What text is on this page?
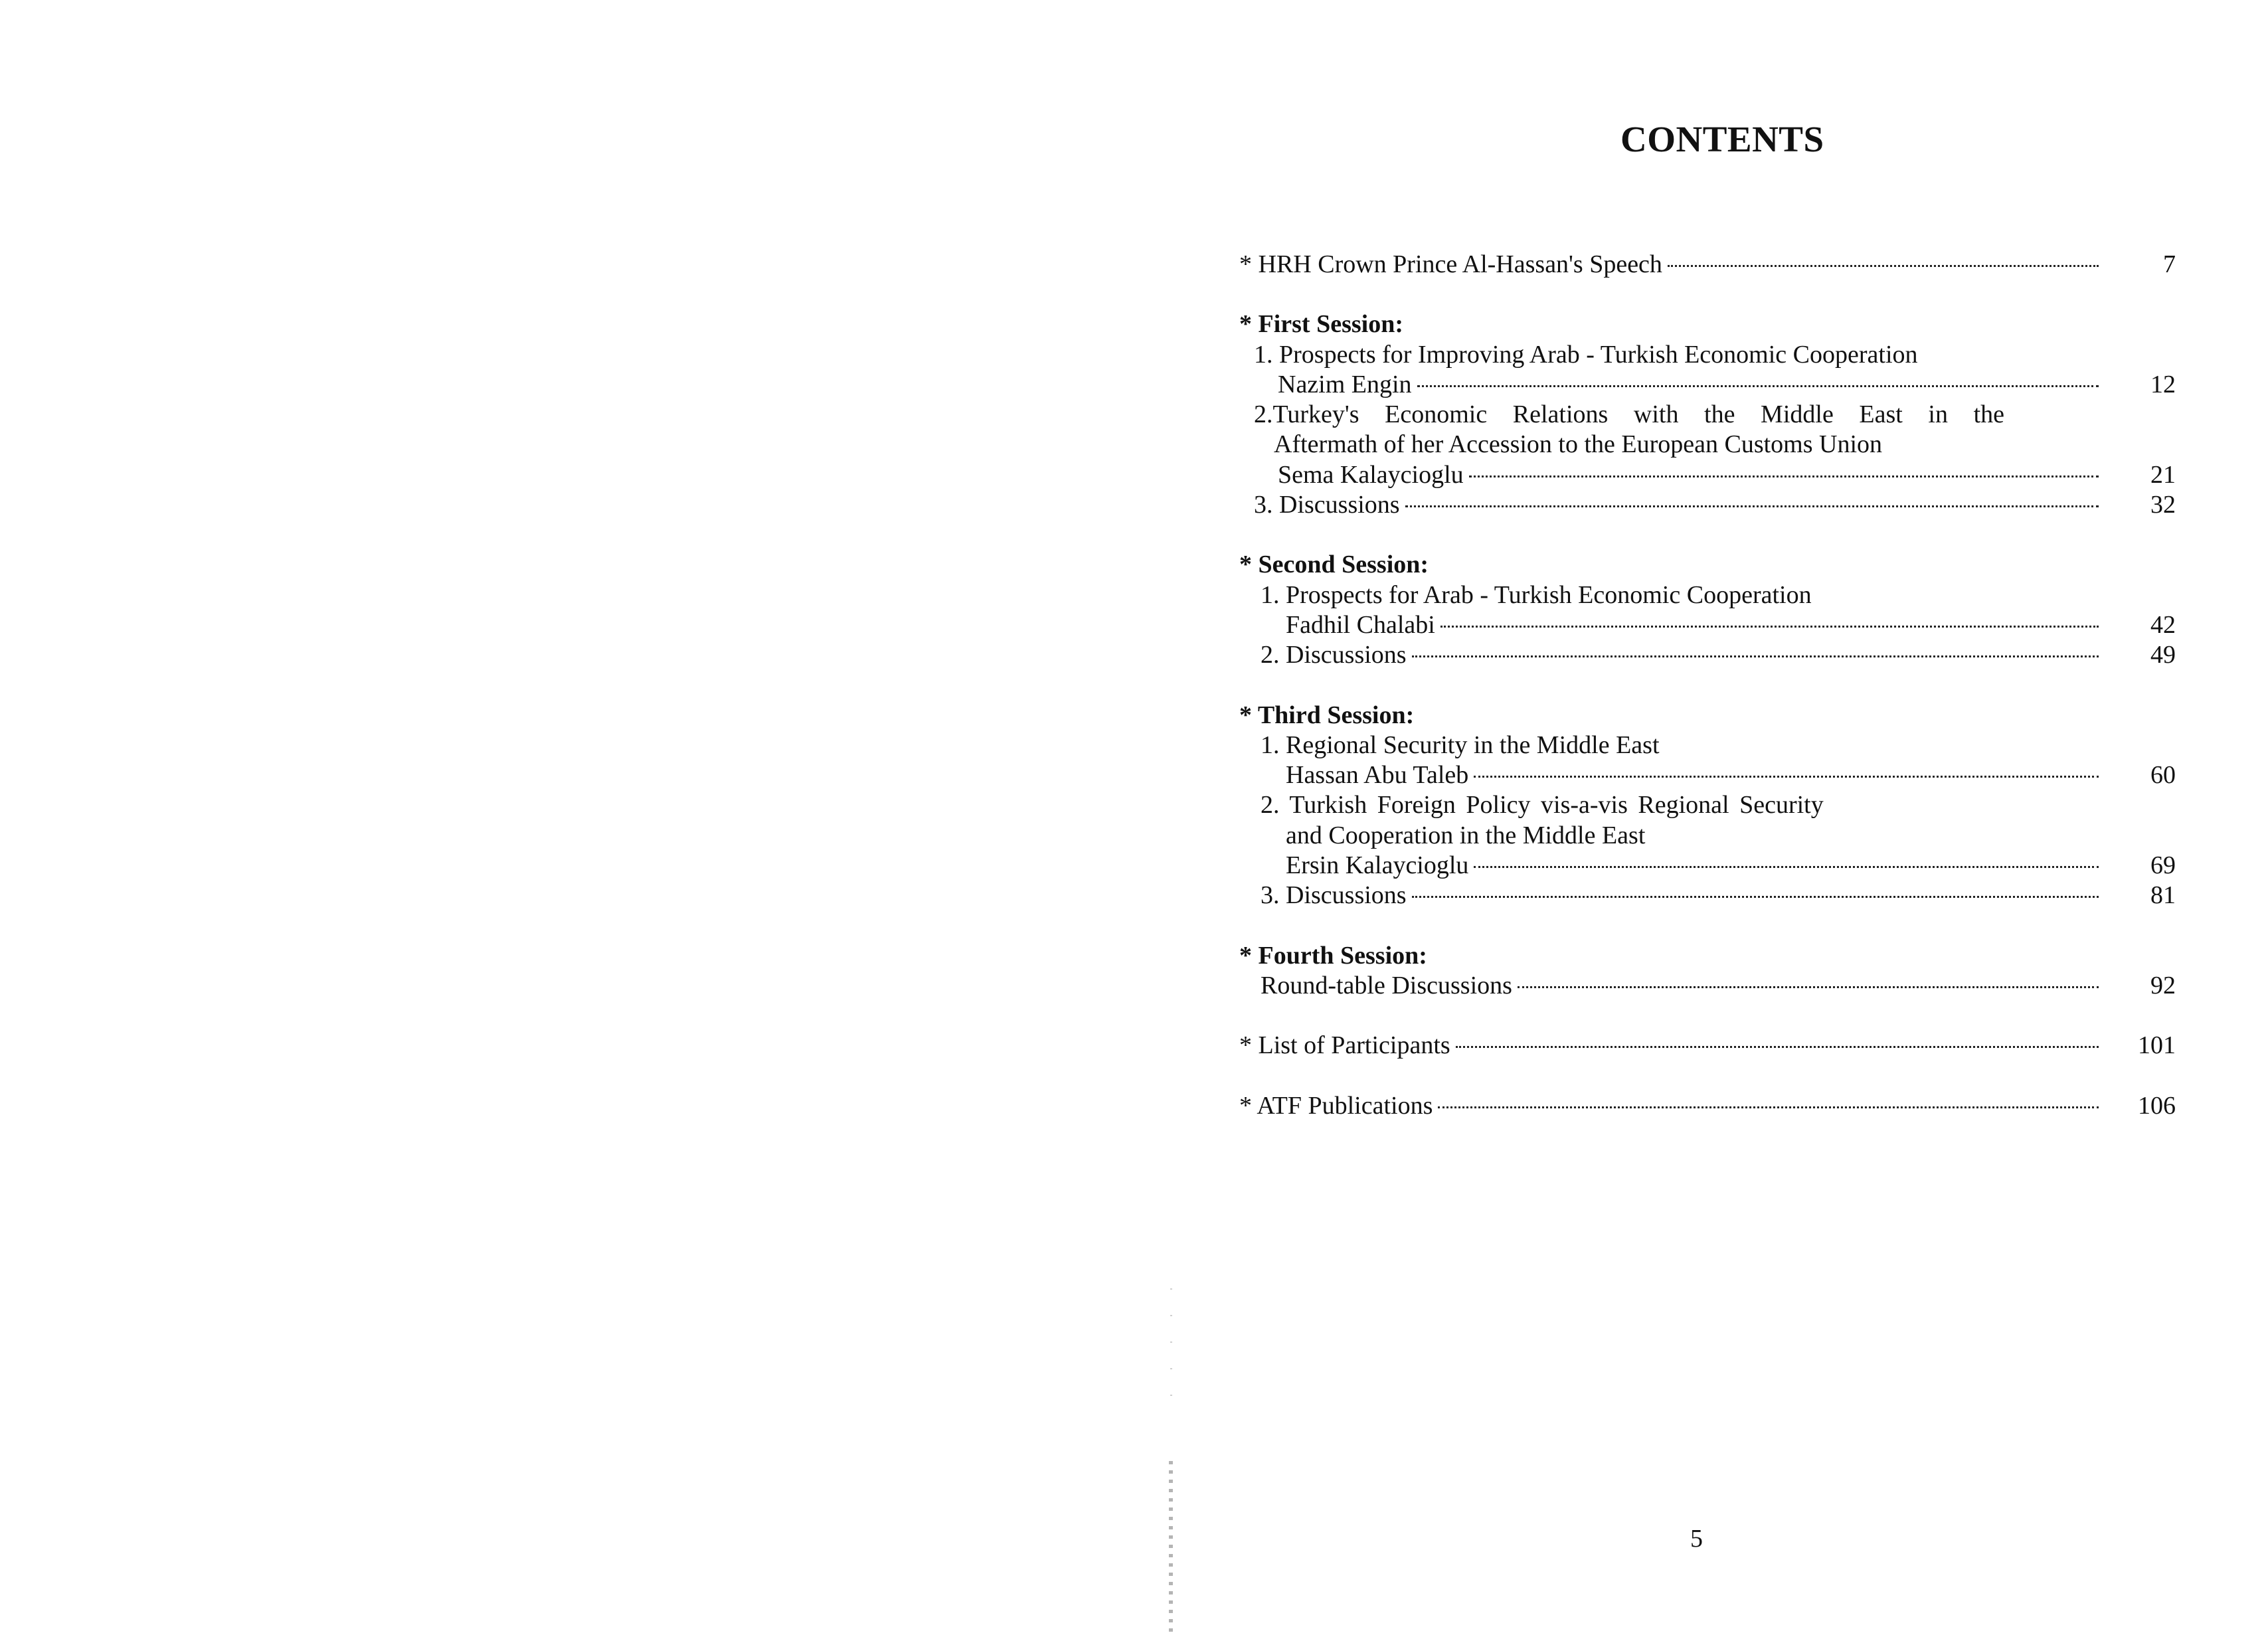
CONTENTS
* HRH Crown Prince Al-Hassan's Speech	7
* First Session:
1. Prospects for Improving Arab - Turkish Economic Cooperation
Nazim Engin	12
2.Turkey's Economic Relations with the Middle East in the
Aftermath of her Accession to the European Customs Union
Sema Kalaycioglu	21
3. Discussions	32
* Second Session:
1. Prospects for Arab - Turkish Economic Cooperation
Fadhil Chalabi	42
2. Discussions	49
* Third Session:
1. Regional Security in the Middle East
Hassan Abu Taleb	60
2. Turkish Foreign Policy vis-a-vis Regional Security
and Cooperation in the Middle East
Ersin Kalaycioglu	69
3. Discussions	81
* Fourth Session:
Round-table Discussions	92
* List of Participants	101
* ATF Publications	106
5
